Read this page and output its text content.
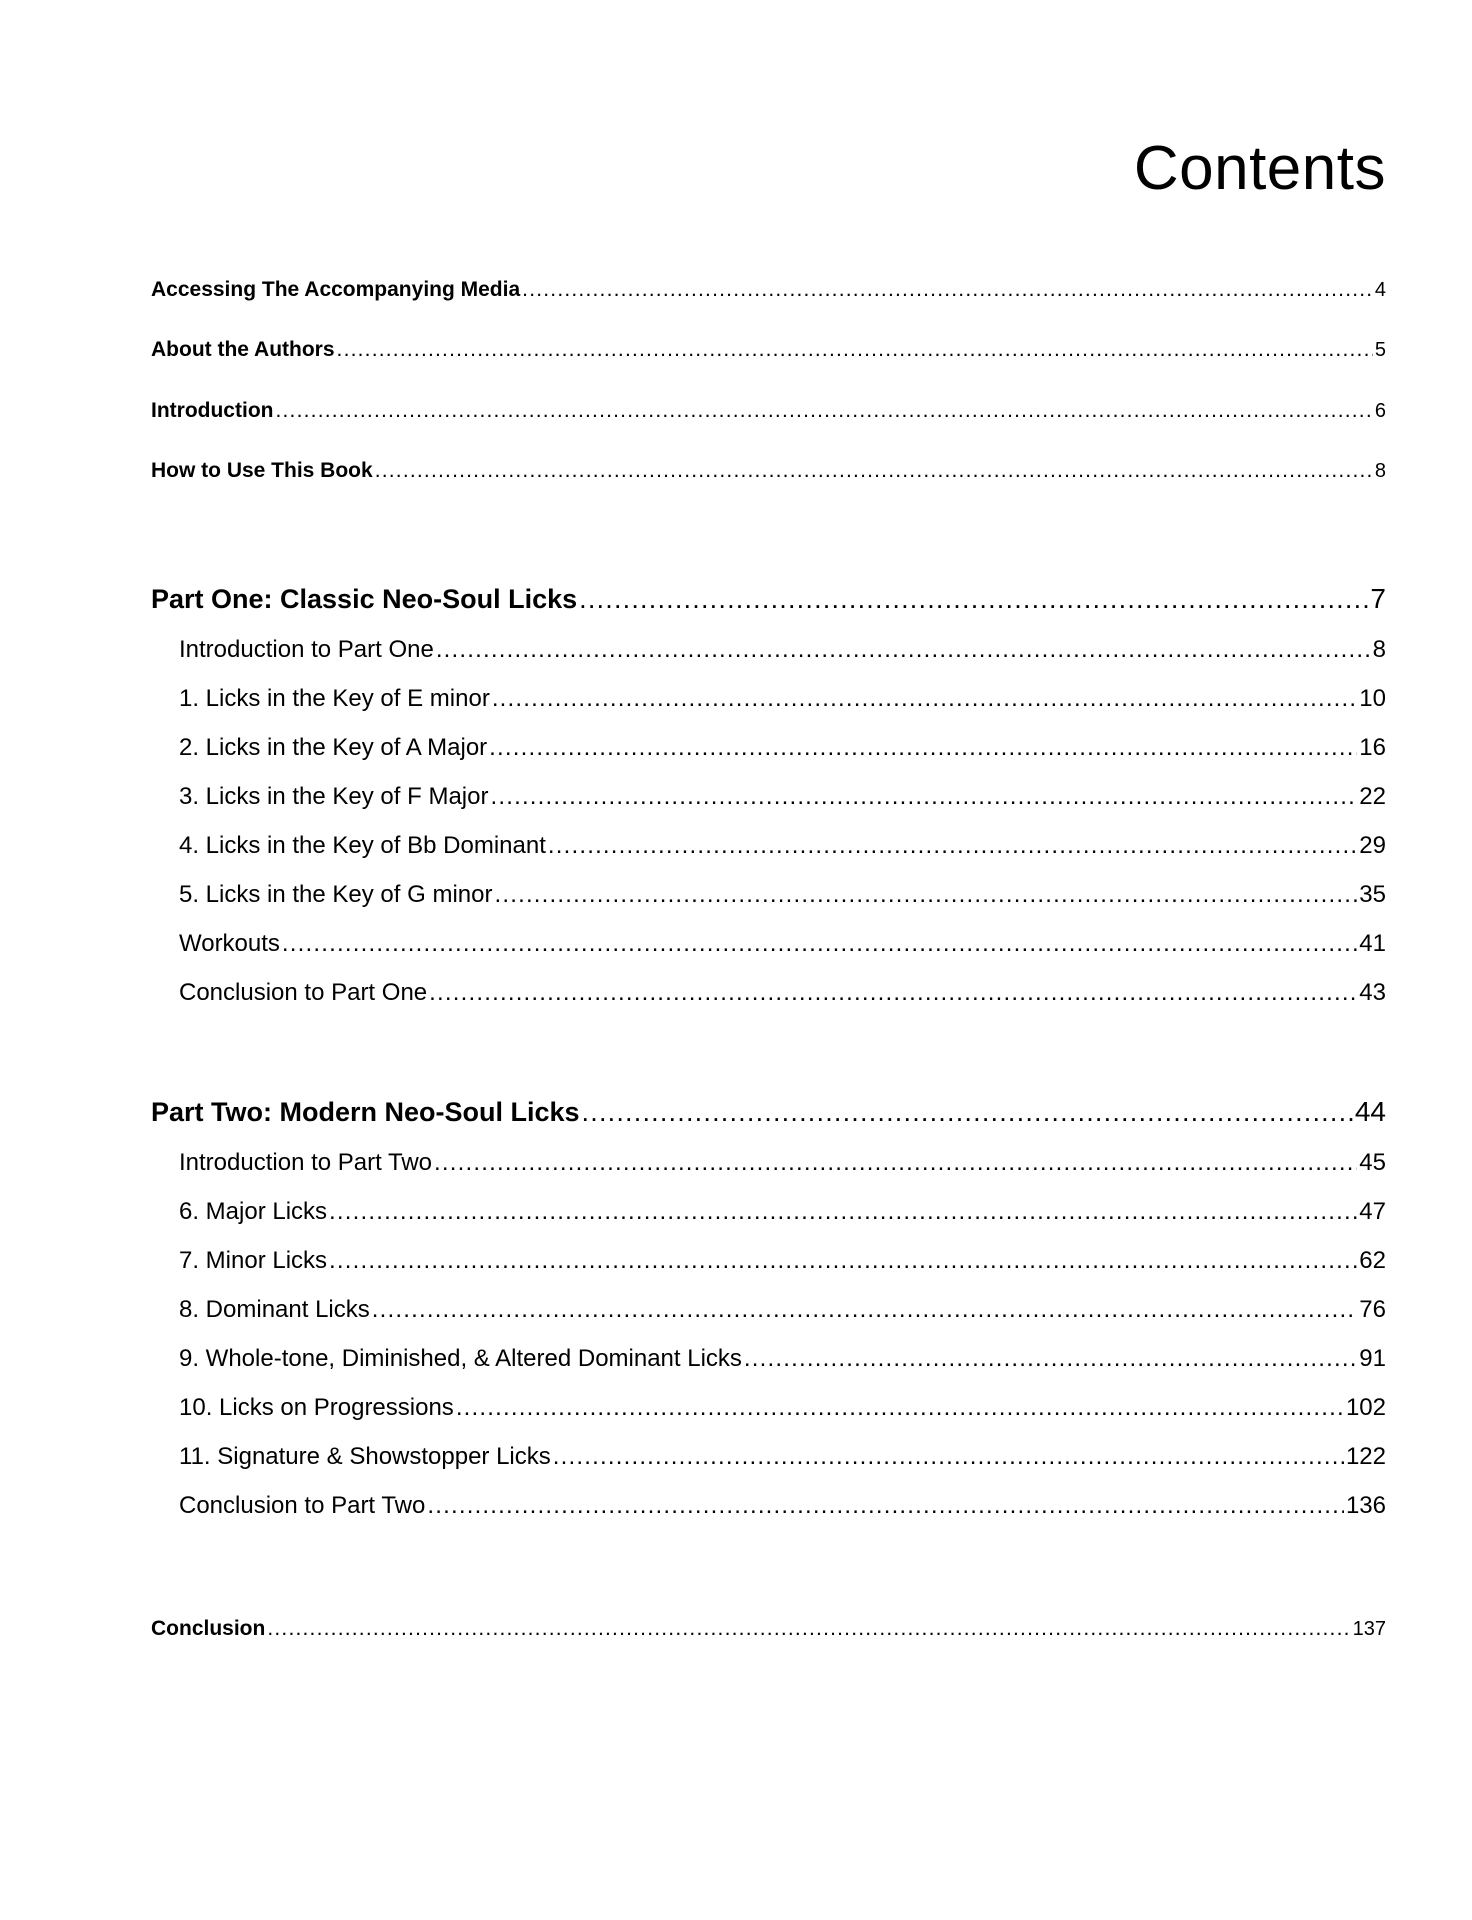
Contents
Accessing The Accompanying Media .....	4
About the Authors .....	5
Introduction .....	6
How to Use This Book .....	8
Part One: Classic Neo-Soul Licks .....	7
Introduction to Part One .....	8
1. Licks in the Key of E minor .....	10
2. Licks in the Key of A Major .....	16
3. Licks in the Key of F Major .....	22
4. Licks in the Key of Bb Dominant .....	29
5. Licks in the Key of G minor .....	35
Workouts .....	41
Conclusion to Part One .....	43
Part Two: Modern Neo-Soul Licks .....	44
Introduction to Part Two .....	45
6. Major Licks .....	47
7. Minor Licks .....	62
8. Dominant Licks .....	76
9. Whole-tone, Diminished, & Altered Dominant Licks .....	91
10. Licks on Progressions .....	102
11. Signature & Showstopper Licks .....	122
Conclusion to Part Two .....	136
Conclusion .....	137
